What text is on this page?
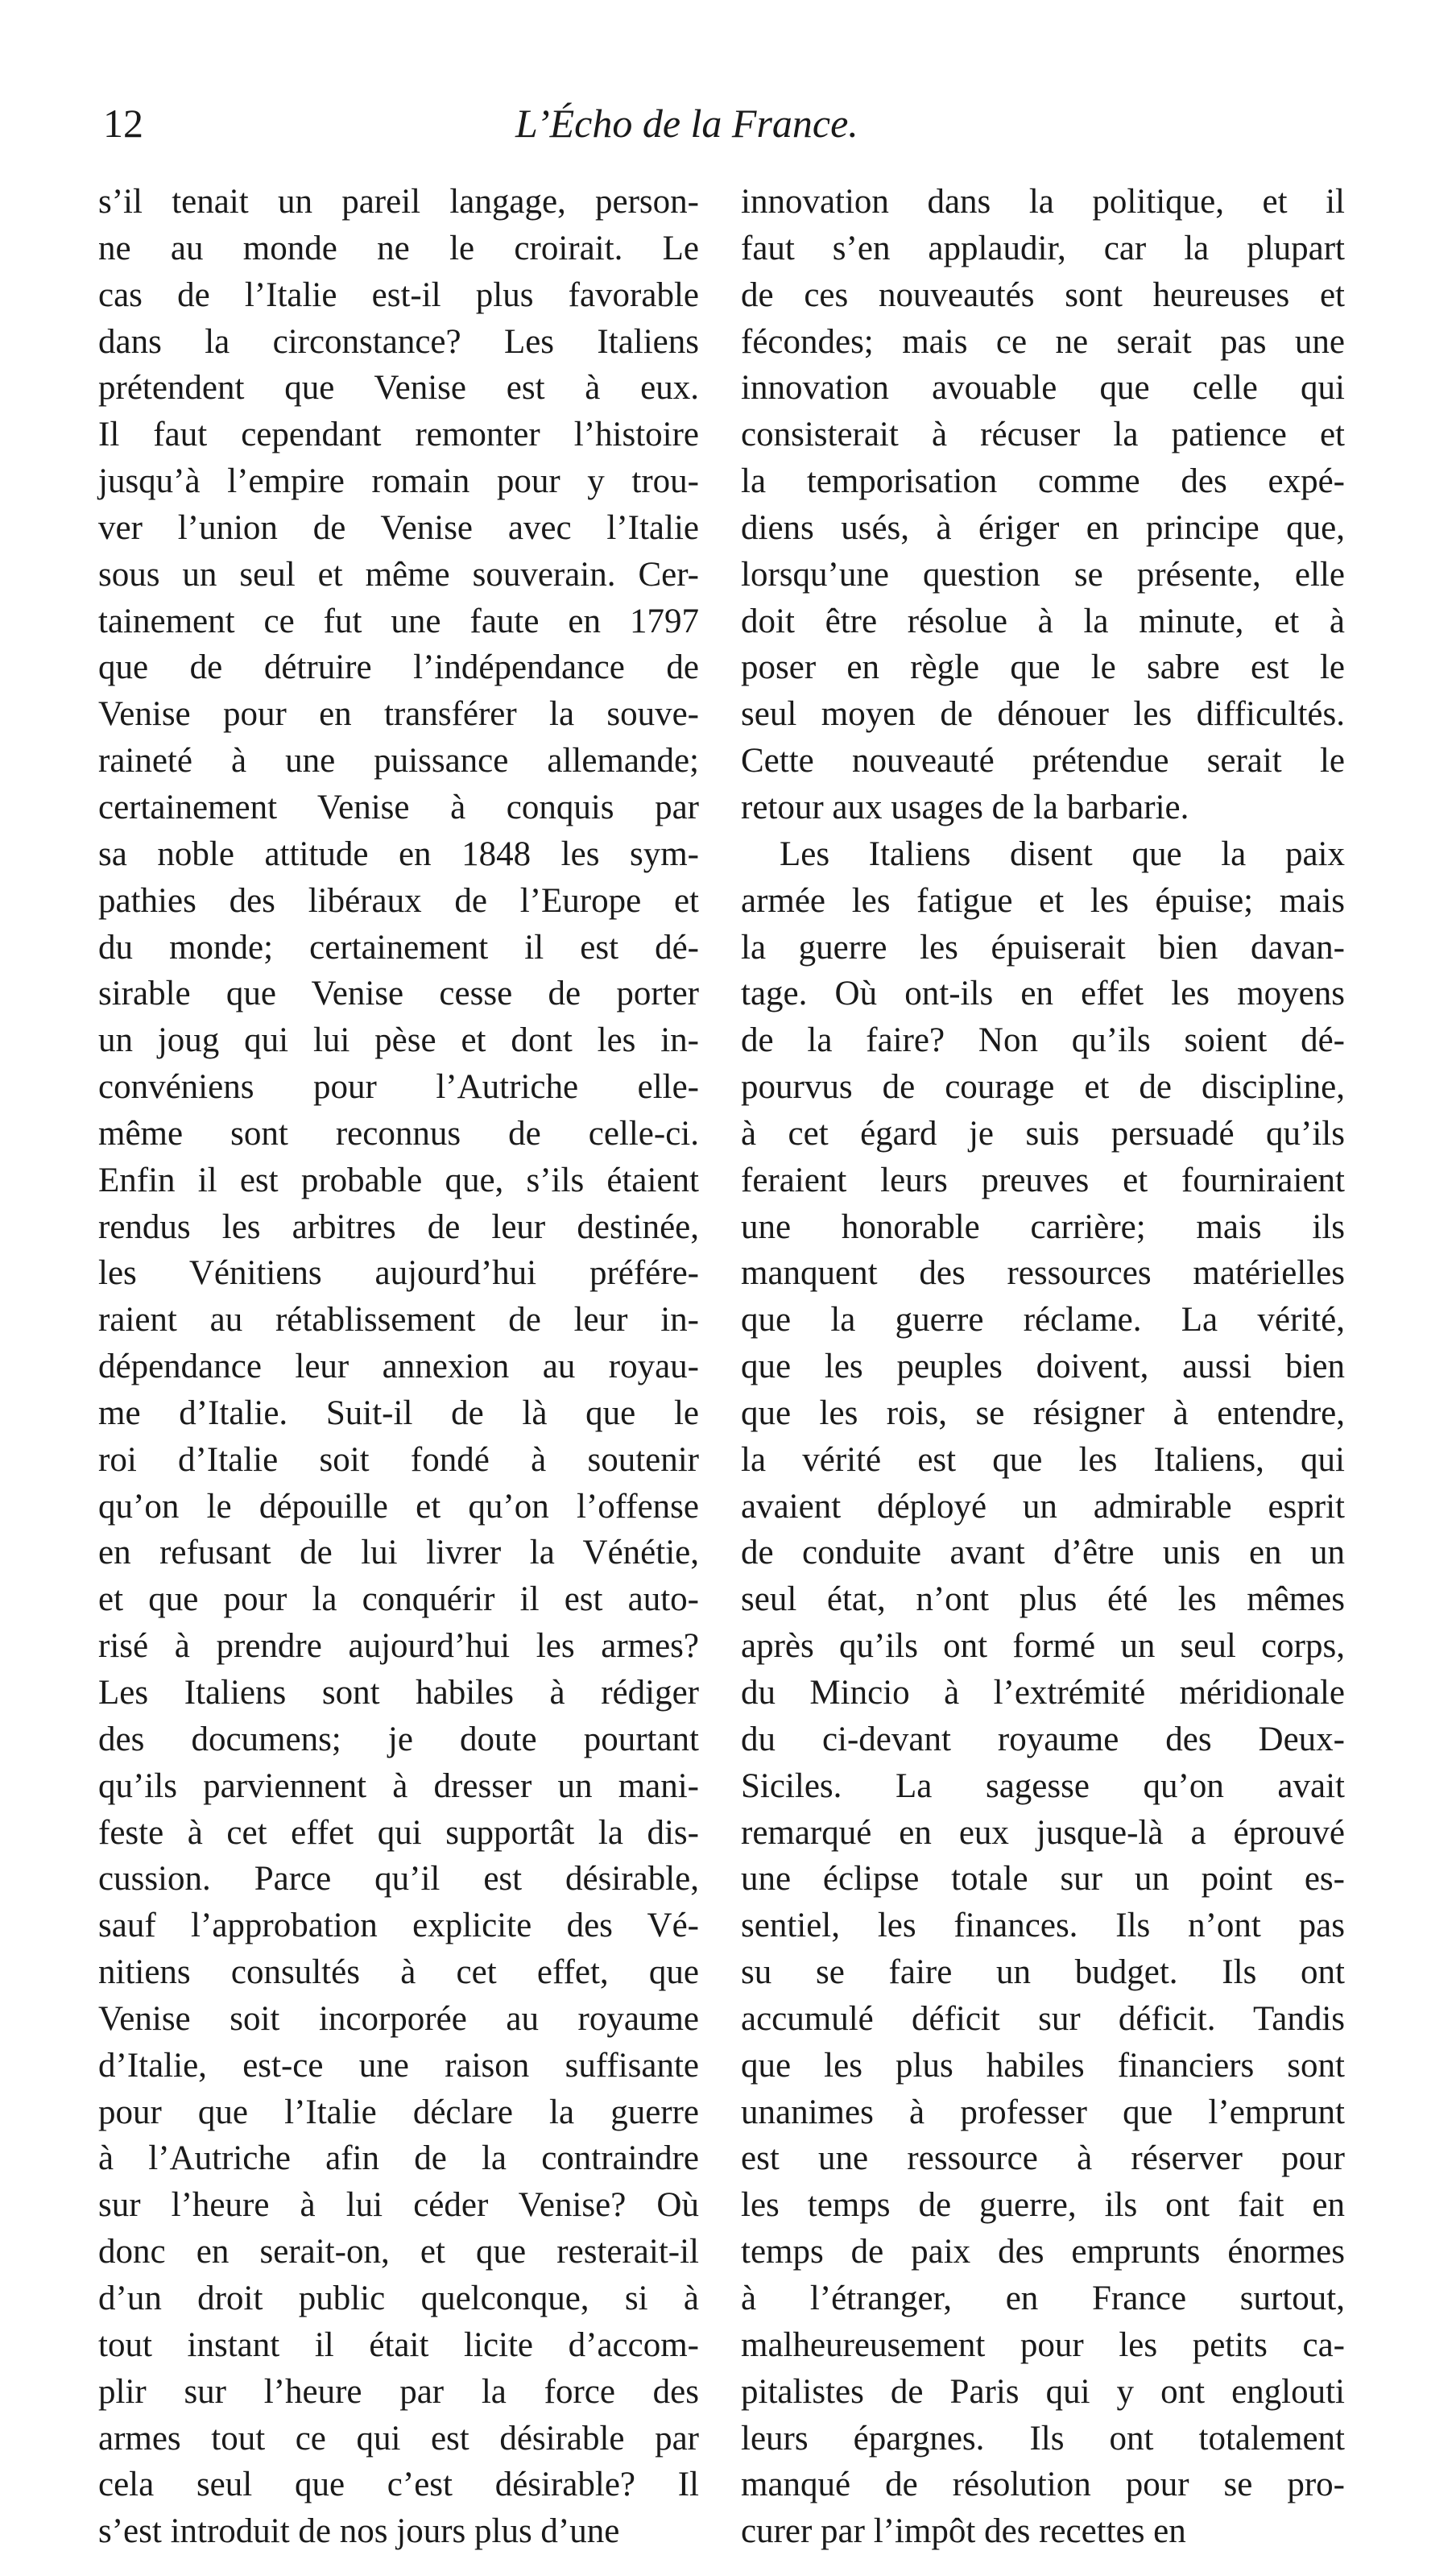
12	L’Écho de la France.
s’il tenait un pareil langage, person-
ne au monde ne le croirait. Le
cas de l’Italie est-il plus favorable
dans la circonstance? Les Italiens
prétendent que Venise est à eux.
Il faut cependant remonter l’histoire
jusqu’à l’empire romain pour y trou-
ver l’union de Venise avec l’Italie
sous un seul et même souverain. Cer-
tainement ce fut une faute en 1797
que de détruire l’indépendance de
Venise pour en transférer la souve-
raineté à une puissance allemande;
certainement Venise à conquis par
sa noble attitude en 1848 les sym-
pathies des libéraux de l’Europe et
du monde; certainement il est dé-
sirable que Venise cesse de porter
un joug qui lui pèse et dont les in-
convéniens pour l’Autriche elle-
même sont reconnus de celle-ci.
Enfin il est probable que, s’ils étaient
rendus les arbitres de leur destinée,
les Vénitiens aujourd’hui préfére-
raient au rétablissement de leur in-
dépendance leur annexion au royau-
me d’Italie. Suit-il de là que le
roi d’Italie soit fondé à soutenir
qu’on le dépouille et qu’on l’offense
en refusant de lui livrer la Vénétie,
et que pour la conquérir il est auto-
risé à prendre aujourd’hui les armes?
Les Italiens sont habiles à rédiger
des documens; je doute pourtant
qu’ils parviennent à dresser un mani-
feste à cet effet qui supportât la dis-
cussion. Parce qu’il est désirable,
sauf l’approbation explicite des Vé-
nitiens consultés à cet effet, que
Venise soit incorporée au royaume
d’Italie, est-ce une raison suffisante
pour que l’Italie déclare la guerre
à l’Autriche afin de la contraindre
sur l’heure à lui céder Venise? Où
donc en serait-on, et que resterait-il
d’un droit public quelconque, si à
tout instant il était licite d’accom-
plir sur l’heure par la force des
armes tout ce qui est désirable par
cela seul que c’est désirable? Il
s’est introduit de nos jours plus d’une
innovation dans la politique, et il
faut s’en applaudir, car la plupart
de ces nouveautés sont heureuses et
fécondes; mais ce ne serait pas une
innovation avouable que celle qui
consisterait à récuser la patience et
la temporisation comme des expé-
diens usés, à ériger en principe que,
lorsqu’une question se présente, elle
doit être résolue à la minute, et à
poser en règle que le sabre est le
seul moyen de dénouer les difficultés.
Cette nouveauté prétendue serait le
retour aux usages de la barbarie.
Les Italiens disent que la paix
armée les fatigue et les épuise; mais
la guerre les épuiserait bien davan-
tage. Où ont-ils en effet les moyens
de la faire? Non qu’ils soient dé-
pourvus de courage et de discipline,
à cet égard je suis persuadé qu’ils
feraient leurs preuves et fourniraient
une honorable carrière; mais ils
manquent des ressources matérielles
que la guerre réclame. La vérité,
que les peuples doivent, aussi bien
que les rois, se résigner à entendre,
la vérité est que les Italiens, qui
avaient déployé un admirable esprit
de conduite avant d’être unis en un
seul état, n’ont plus été les mêmes
après qu’ils ont formé un seul corps,
du Mincio à l’extrémité méridionale
du ci-devant royaume des Deux-
Siciles. La sagesse qu’on avait
remarqué en eux jusque-là a éprouvé
une éclipse totale sur un point es-
sentiel, les finances. Ils n’ont pas
su se faire un budget. Ils ont
accumulé déficit sur déficit. Tandis
que les plus habiles financiers sont
unanimes à professer que l’emprunt
est une ressource à réserver pour
les temps de guerre, ils ont fait en
temps de paix des emprunts énormes
à l’étranger, en France surtout,
malheureusement pour les petits ca-
pitalistes de Paris qui y ont englouti
leurs épargnes. Ils ont totalement
manqué de résolution pour se pro-
curer par l’impôt des recettes en
